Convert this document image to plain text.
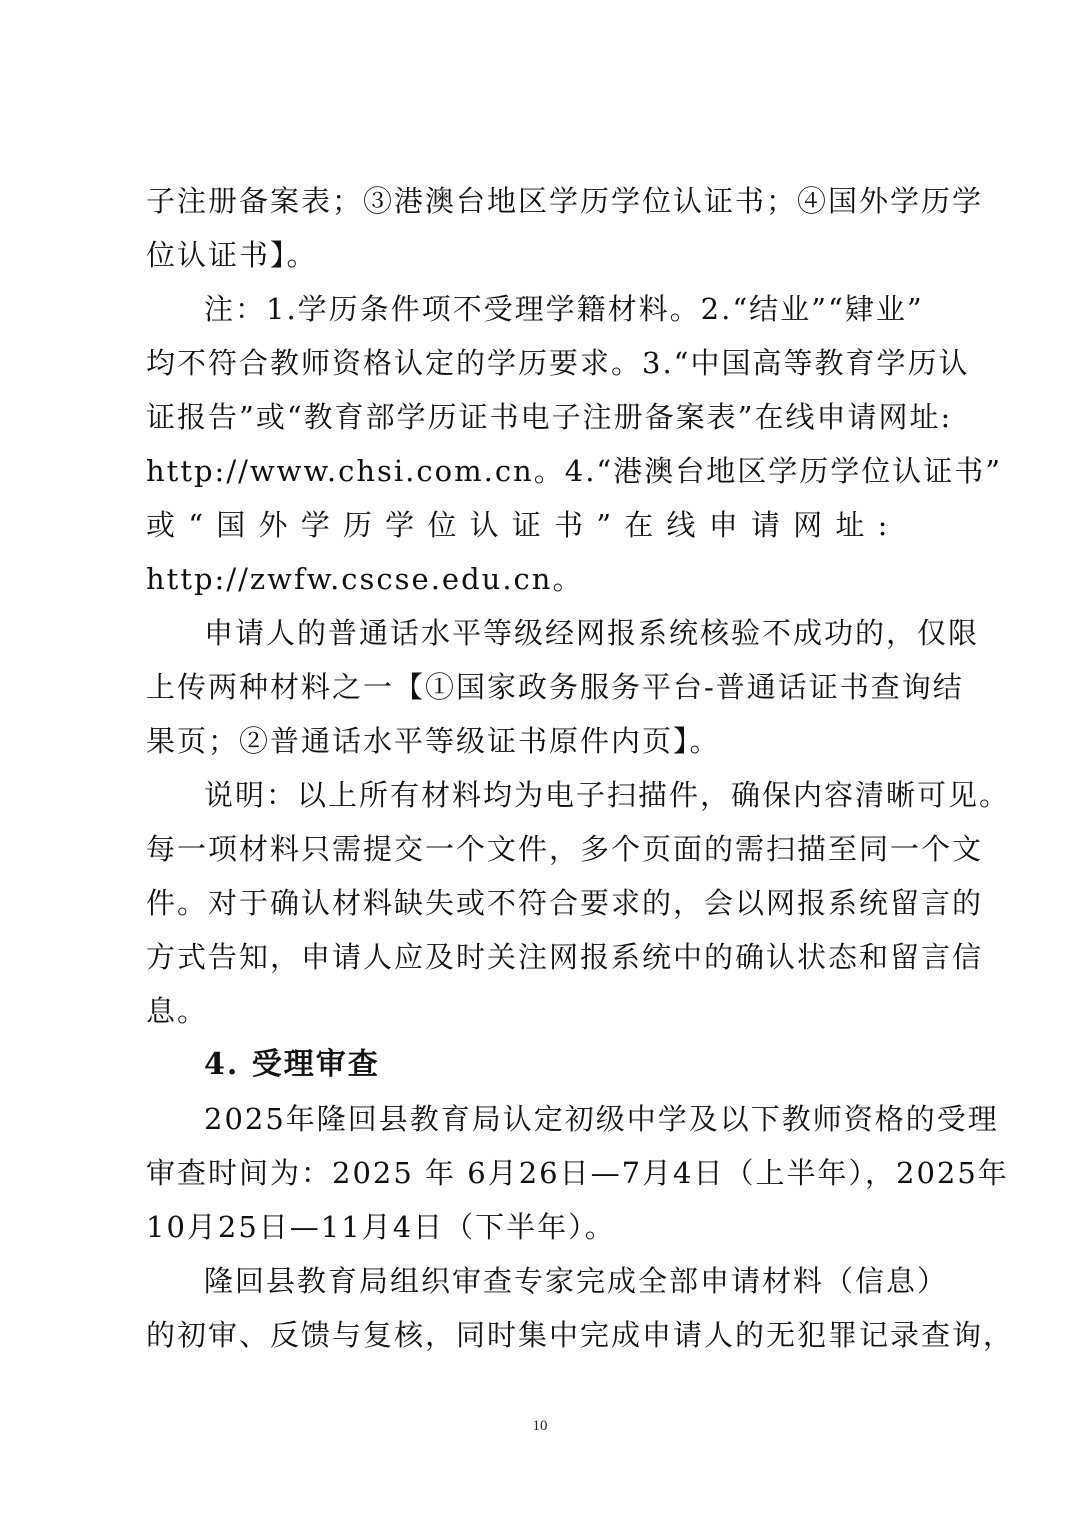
子注册备案表；③港澳台地区学历学位认证书；④国外学历学
位认证书】。

注：1.学历条件项不受理学籍材料。2.“结业”“肄业”
均不符合教师资格认定的学历要求。3.“中国高等教育学历认
证报告”或“教育部学历证书电子注册备案表”在线申请网址:
http://www.chsi.com.cn。4.“港澳台地区学历学位认证书”
或 “ 国 外 学 历 学 位 认 证 书 ” 在 线 申 请 网 址 :
http://zwfw.cscse.edu.cn。

申请人的普通话水平等级经网报系统核验不成功的，仅限
上传两种材料之一【①国家政务服务平台-普通话证书查询结
果页；②普通话水平等级证书原件内页】。

说明：以上所有材料均为电子扫描件，确保内容清晰可见。
每一项材料只需提交一个文件，多个页面的需扫描至同一个文
件。对于确认材料缺失或不符合要求的，会以网报系统留言的
方式告知，申请人应及时关注网报系统中的确认状态和留言信
息。

4. 受理审查

2025年隆回县教育局认定初级中学及以下教师资格的受理
审查时间为：2025 年 6月26日—7月4日（上半年），2025年
10月25日—11月4日（下半年）。

隆回县教育局组织审查专家完成全部申请材料（信息）
的初审、反馈与复核，同时集中完成申请人的无犯罪记录查询，

10
